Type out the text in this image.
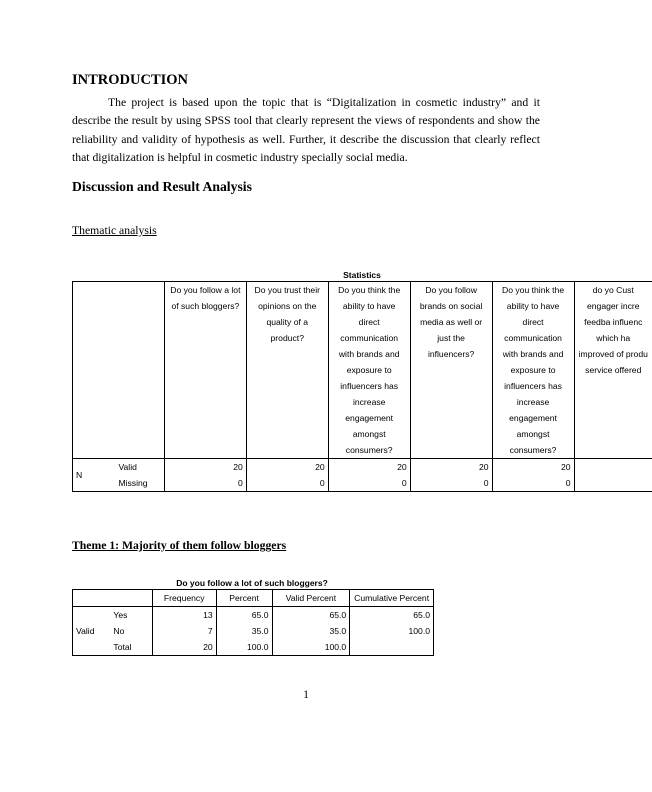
INTRODUCTION

The project is based upon the topic that is “Digitalization in cosmetic industry” and it describe the result by using SPSS tool that clearly represent the views of respondents and show the reliability and validity of hypothesis as well. Further, it describe the discussion that clearly reflect that digitalization is helpful in cosmetic industry specially social media.

Discussion and Result Analysis
Thematic analysis
Statistics
		Do you follow a lot of such bloggers?	Do you trust their opinions on the quality of a product?	Do you think the ability to have direct communication with brands and exposure to influencers has increase engagement amongst consumers?	Do you follow brands on social media as well or just the influencers?	Do you think the ability to have direct communication with brands and exposure to influencers has increase engagement amongst consumers?	do yo Cust engager incre feedba influenc which ha improved of produ service offered
N	Valid	20	20	20	20	20	
	Missing	0	0	0	0	0	
Theme 1: Majority of them follow bloggers
Do you follow a lot of such bloggers?
		Frequency	Percent	Valid Percent	Cumulative Percent
Valid	Yes	13	65.0	65.0	65.0
	No	7	35.0	35.0	100.0
	Total	20	100.0	100.0	
1
